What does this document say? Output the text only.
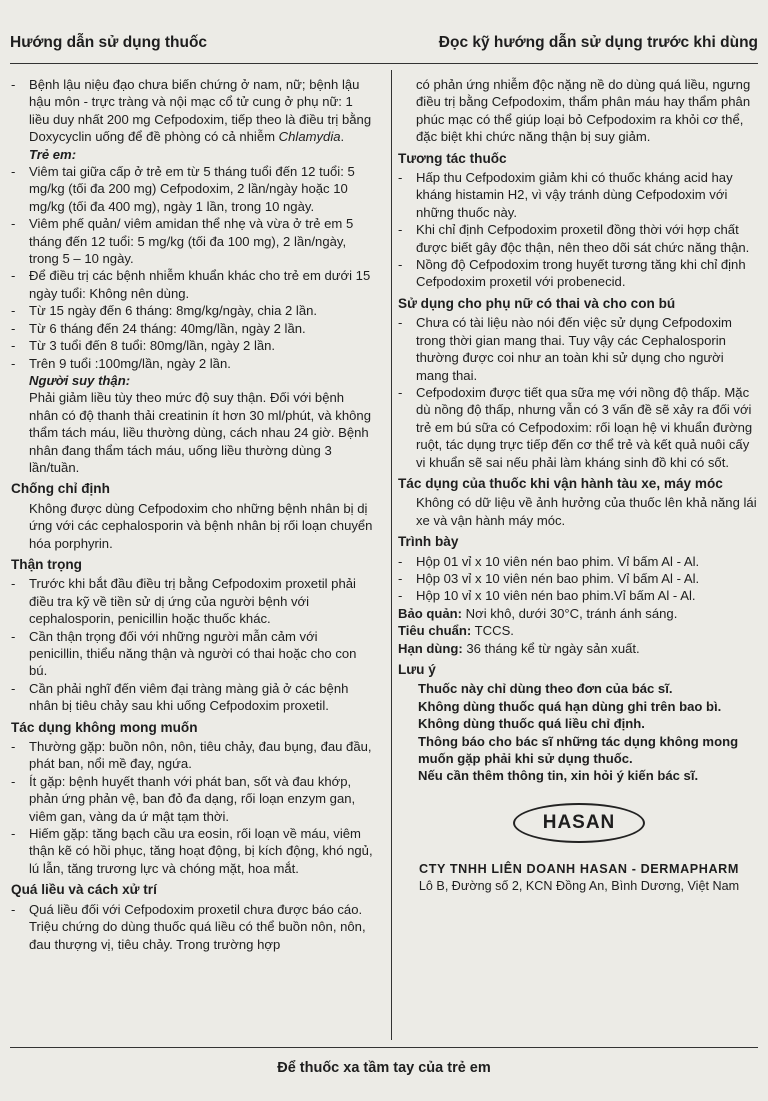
Hướng dẫn sử dụng thuốc	Đọc kỹ hướng dẫn sử dụng trước khi dùng

- Bệnh lậu niệu đạo chưa biến chứng ở nam, nữ; bệnh lậu hậu môn - trực tràng và nội mạc cổ tử cung ở phụ nữ: 1 liều duy nhất 200 mg Cefpodoxim, tiếp theo là điều trị bằng Doxycyclin uống để đề phòng có cả nhiễm Chlamydia.

Trẻ em:

- Viêm tai giữa cấp ở trẻ em từ 5 tháng tuổi đến 12 tuổi: 5 mg/kg (tối đa 200 mg) Cefpodoxim, 2 lần/ngày hoặc 10 mg/kg (tối đa 400 mg), ngày 1 lần, trong 10 ngày.

- Viêm phế quản/ viêm amidan thể nhẹ và vừa ở trẻ em 5 tháng đến 12 tuổi: 5 mg/kg (tối đa 100 mg), 2 lần/ngày, trong 5 – 10 ngày.

- Để điều trị các bệnh nhiễm khuẩn khác cho trẻ em dưới 15 ngày tuổi: Không nên dùng.

- Từ 15 ngày đến 6 tháng: 8mg/kg/ngày, chia 2 lần.

- Từ 6 tháng đến 24 tháng: 40mg/lần, ngày 2 lần.

- Từ 3 tuổi đến 8 tuổi: 80mg/lần, ngày 2 lần.

- Trên 9 tuổi :100mg/lần, ngày 2 lần.

Người suy thận:

Phải giảm liều tùy theo mức độ suy thận. Đối với bệnh nhân có độ thanh thải creatinin ít hơn 30 ml/phút, và không thẩm tách máu, liều thường dùng, cách nhau 24 giờ. Bệnh nhân đang thẩm tách máu, uống liều thường dùng 3 lần/tuần.

Chống chỉ định

Không được dùng Cefpodoxim cho những bệnh nhân bị dị ứng với các cephalosporin và bệnh nhân bị rối loạn chuyển hóa porphyrin.

Thận trọng

- Trước khi bắt đầu điều trị bằng Cefpodoxim proxetil phải điều tra kỹ về tiền sử dị ứng của người bệnh với cephalosporin, penicillin hoặc thuốc khác.

- Cần thận trọng đối với những người mẫn cảm với penicillin, thiểu năng thận và người có thai hoặc cho con bú.

- Cần phải nghĩ đến viêm đại tràng màng giả ở các bệnh nhân bị tiêu chảy sau khi uống Cefpodoxim proxetil.

Tác dụng không mong muốn

- Thường gặp: buồn nôn, nôn, tiêu chảy, đau bụng, đau đầu, phát ban, nổi mề đay, ngứa.

- Ít gặp: bệnh huyết thanh với phát ban, sốt và đau khớp, phản ứng phản vệ, ban đỏ đa dạng, rối loạn enzym gan, viêm gan, vàng da ứ mật tạm thời.

- Hiếm gặp: tăng bạch cầu ưa eosin, rối loạn về máu, viêm thận kẽ có hồi phục, tăng hoạt động, bị kích động, khó ngủ, lú lẫn, tăng trương lực và chóng mặt, hoa mắt.

Quá liều và cách xử trí

- Quá liều đối với Cefpodoxim proxetil chưa được báo cáo. Triệu chứng do dùng thuốc quá liều có thể buồn nôn, nôn, đau thượng vị, tiêu chảy. Trong trường hợp

có phản ứng nhiễm độc nặng nề do dùng quá liều, ngưng điều trị bằng Cefpodoxim, thẩm phân máu hay thẩm phân phúc mạc có thể giúp loại bỏ Cefpodoxim ra khỏi cơ thể, đặc biệt khi chức năng thận bị suy giảm.

Tương tác thuốc

- Hấp thu Cefpodoxim giảm khi có thuốc kháng acid hay kháng histamin H2, vì vậy tránh dùng Cefpodoxim với những thuốc này.

- Khi chỉ định Cefpodoxim proxetil đồng thời với hợp chất được biết gây độc thận, nên theo dõi sát chức năng thận.

- Nồng độ Cefpodoxim trong huyết tương tăng khi chỉ định Cefpodoxim proxetil với probenecid.

Sử dụng cho phụ nữ có thai và cho con bú

- Chưa có tài liệu nào nói đến việc sử dụng Cefpodoxim trong thời gian mang thai. Tuy vậy các Cephalosporin thường được coi như an toàn khi sử dụng cho người mang thai.

- Cefpodoxim được tiết qua sữa mẹ với nồng độ thấp. Mặc dù nồng độ thấp, nhưng vẫn có 3 vấn đề sẽ xảy ra đối với trẻ em bú sữa có Cefpodoxim: rối loạn hệ vi khuẩn đường ruột, tác dụng trực tiếp đến cơ thể trẻ và kết quả nuôi cấy vi khuẩn sẽ sai nếu phải làm kháng sinh đồ khi có sốt.

Tác dụng của thuốc khi vận hành tàu xe, máy móc

Không có dữ liệu về ảnh hưởng của thuốc lên khả năng lái xe và vận hành máy móc.

Trình bày

- Hộp 01 vỉ x 10 viên nén bao phim. Vỉ bấm Al - Al.

- Hộp 03 vỉ x 10 viên nén bao phim. Vỉ bấm Al - Al.

- Hộp 10 vỉ x 10 viên nén bao phim.Vỉ bấm Al - Al.

Bảo quản: Nơi khô, dưới 30°C, tránh ánh sáng.

Tiêu chuẩn: TCCS.

Hạn dùng: 36 tháng kể từ ngày sản xuất.

Lưu ý

Thuốc này chỉ dùng theo đơn của bác sĩ.

Không dùng thuốc quá hạn dùng ghi trên bao bì.

Không dùng thuốc quá liều chỉ định.

Thông báo cho bác sĩ những tác dụng không mong muốn gặp phải khi sử dụng thuốc.

Nếu cần thêm thông tin, xin hỏi ý kiến bác sĩ.

HASAN
CTY TNHH LIÊN DOANH HASAN - DERMAPHARM
Lô B, Đường số 2, KCN Đồng An, Bình Dương, Việt Nam
Để thuốc xa tầm tay của trẻ em
